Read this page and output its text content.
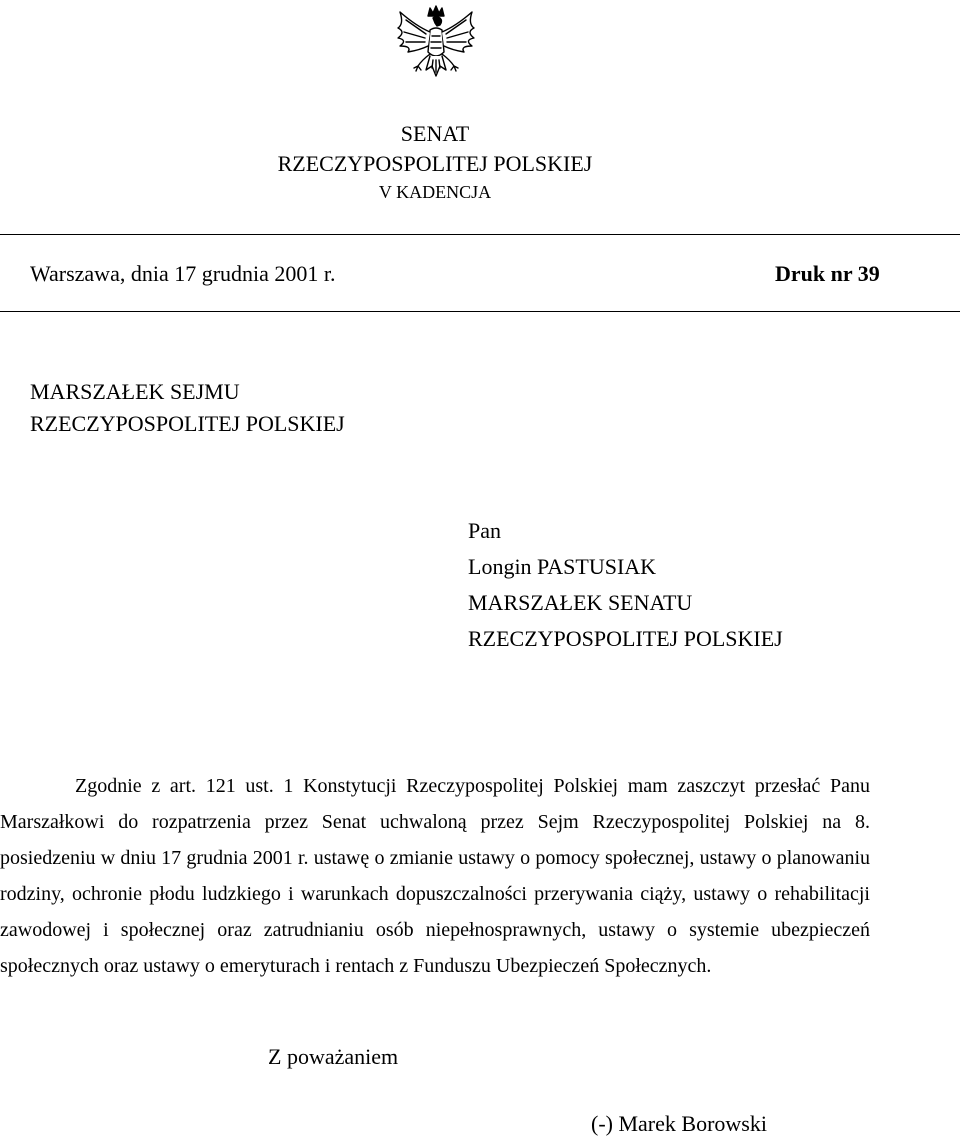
SENAT
RZECZYPOSPOLITEJ POLSKIEJ
V KADENCJA
Warszawa, dnia 17 grudnia 2001 r.	Druk nr 39
MARSZAŁEK SEJMU
RZECZYPOSPOLITEJ POLSKIEJ
Pan
Longin PASTUSIAK
MARSZAŁEK SENATU
RZECZYPOSPOLITEJ POLSKIEJ
Zgodnie z art. 121 ust. 1 Konstytucji Rzeczypospolitej Polskiej mam zaszczyt przesłać Panu Marszałkowi do rozpatrzenia przez Senat uchwaloną przez Sejm Rzeczypospolitej Polskiej na 8. posiedzeniu w dniu 17 grudnia 2001 r. ustawę o zmianie ustawy o pomocy społecznej, ustawy o planowaniu rodziny, ochronie płodu ludzkiego i warunkach dopuszczalności przerywania ciąży, ustawy o rehabilitacji zawodowej i społecznej oraz zatrudnianiu osób niepełnosprawnych, ustawy o systemie ubezpieczeń społecznych oraz ustawy o emeryturach i rentach z Funduszu Ubezpieczeń Społecznych.
Z poważaniem
(-) Marek Borowski
